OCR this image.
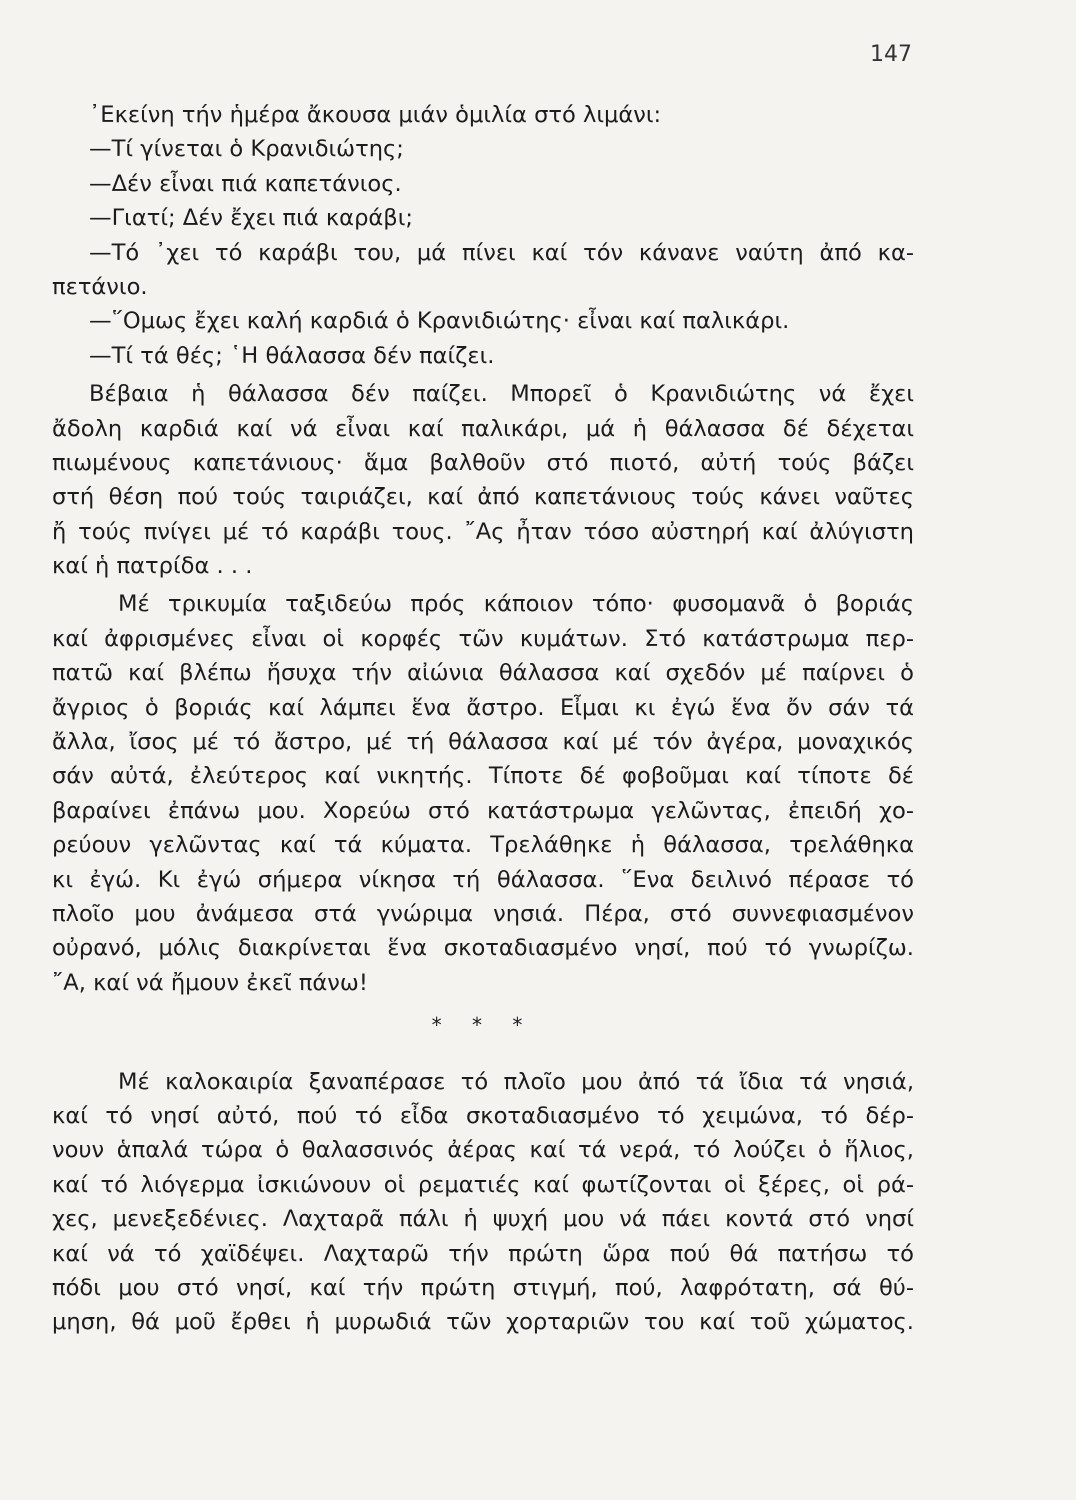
147
᾿Εκείνη τήν ἡμέρα ἄκουσα μιάν ὁμιλία στό λιμάνι:
—Τί γίνεται ὁ Κρανιδιώτης;
—Δέν εἶναι πιά καπετάνιος.
—Γιατί; Δέν ἔχει πιά καράβι;
—Τό ᾿χει τό καράβι του, μά πίνει καί τόν κάνανε ναύτη ἀπό κα-
πετάνιο.
—῞Ομως ἔχει καλή καρδιά ὁ Κρανιδιώτης· εἶναι καί παλικάρι.
—Τί τά θές; ῾Η θάλασσα δέν παίζει.
Βέβαια ἡ θάλασσα δέν παίζει. Μπορεῖ ὁ Κρανιδιώτης νά ἔχει
ἄδολη καρδιά καί νά εἶναι καί παλικάρι, μά ἡ θάλασσα δέ δέχεται
πιωμένους καπετάνιους· ἅμα βαλθοῦν στό πιοτό, αὐτή τούς βάζει
στή θέση πού τούς ταιριάζει, καί ἀπό καπετάνιους τούς κάνει ναῦτες
ἤ τούς πνίγει μέ τό καράβι τους. ῎Ας ἦταν τόσο αὐστηρή καί ἀλύγιστη
καί ἡ πατρίδα . . .
Μέ τρικυμία ταξιδεύω πρός κάποιον τόπο· φυσομανᾶ ὁ βοριάς
καί ἀφρισμένες εἶναι οἱ κορφές τῶν κυμάτων. Στό κατάστρωμα περ-
πατῶ καί βλέπω ἥσυχα τήν αἰώνια θάλασσα καί σχεδόν μέ παίρνει ὁ
ἄγριος ὁ βοριάς καί λάμπει ἕνα ἄστρο. Εἶμαι κι ἐγώ ἕνα ὄν σάν τά
ἄλλα, ἴσος μέ τό ἄστρο, μέ τή θάλασσα καί μέ τόν ἀγέρα, μοναχικός
σάν αὐτά, ἐλεύτερος καί νικητής. Τίποτε δέ φοβοῦμαι καί τίποτε δέ
βαραίνει ἐπάνω μου. Χορεύω στό κατάστρωμα γελῶντας, ἐπειδή χο-
ρεύουν γελῶντας καί τά κύματα. Τρελάθηκε ἡ θάλασσα, τρελάθηκα
κι ἐγώ. Κι ἐγώ σήμερα νίκησα τή θάλασσα. ῞Ενα δειλινό πέρασε τό
πλοῖο μου ἀνάμεσα στά γνώριμα νησιά. Πέρα, στό συννεφιασμένον
οὐρανό, μόλις διακρίνεται ἕνα σκοταδιασμένο νησί, πού τό γνωρίζω.
῎Α, καί νά ἤμουν ἐκεῖ πάνω!
* * *
Μέ καλοκαιρία ξαναπέρασε τό πλοῖο μου ἀπό τά ἴδια τά νησιά,
καί τό νησί αὐτό, πού τό εἶδα σκοταδιασμένο τό χειμώνα, τό δέρ-
νουν ἁπαλά τώρα ὁ θαλασσινός ἀέρας καί τά νερά, τό λούζει ὁ ἥλιος,
καί τό λιόγερμα ἰσκιώνουν οἱ ρεματιές καί φωτίζονται οἱ ξέρες, οἱ ρά-
χες, μενεξεδένιες. Λαχταρᾶ πάλι ἡ ψυχή μου νά πάει κοντά στό νησί
καί νά τό χαϊδέψει. Λαχταρῶ τήν πρώτη ὥρα πού θά πατήσω τό
πόδι μου στό νησί, καί τήν πρώτη στιγμή, πού, λαφρότατη, σά θύ-
μηση, θά μοῦ ἔρθει ἡ μυρωδιά τῶν χορταριῶν του καί τοῦ χώματος.
